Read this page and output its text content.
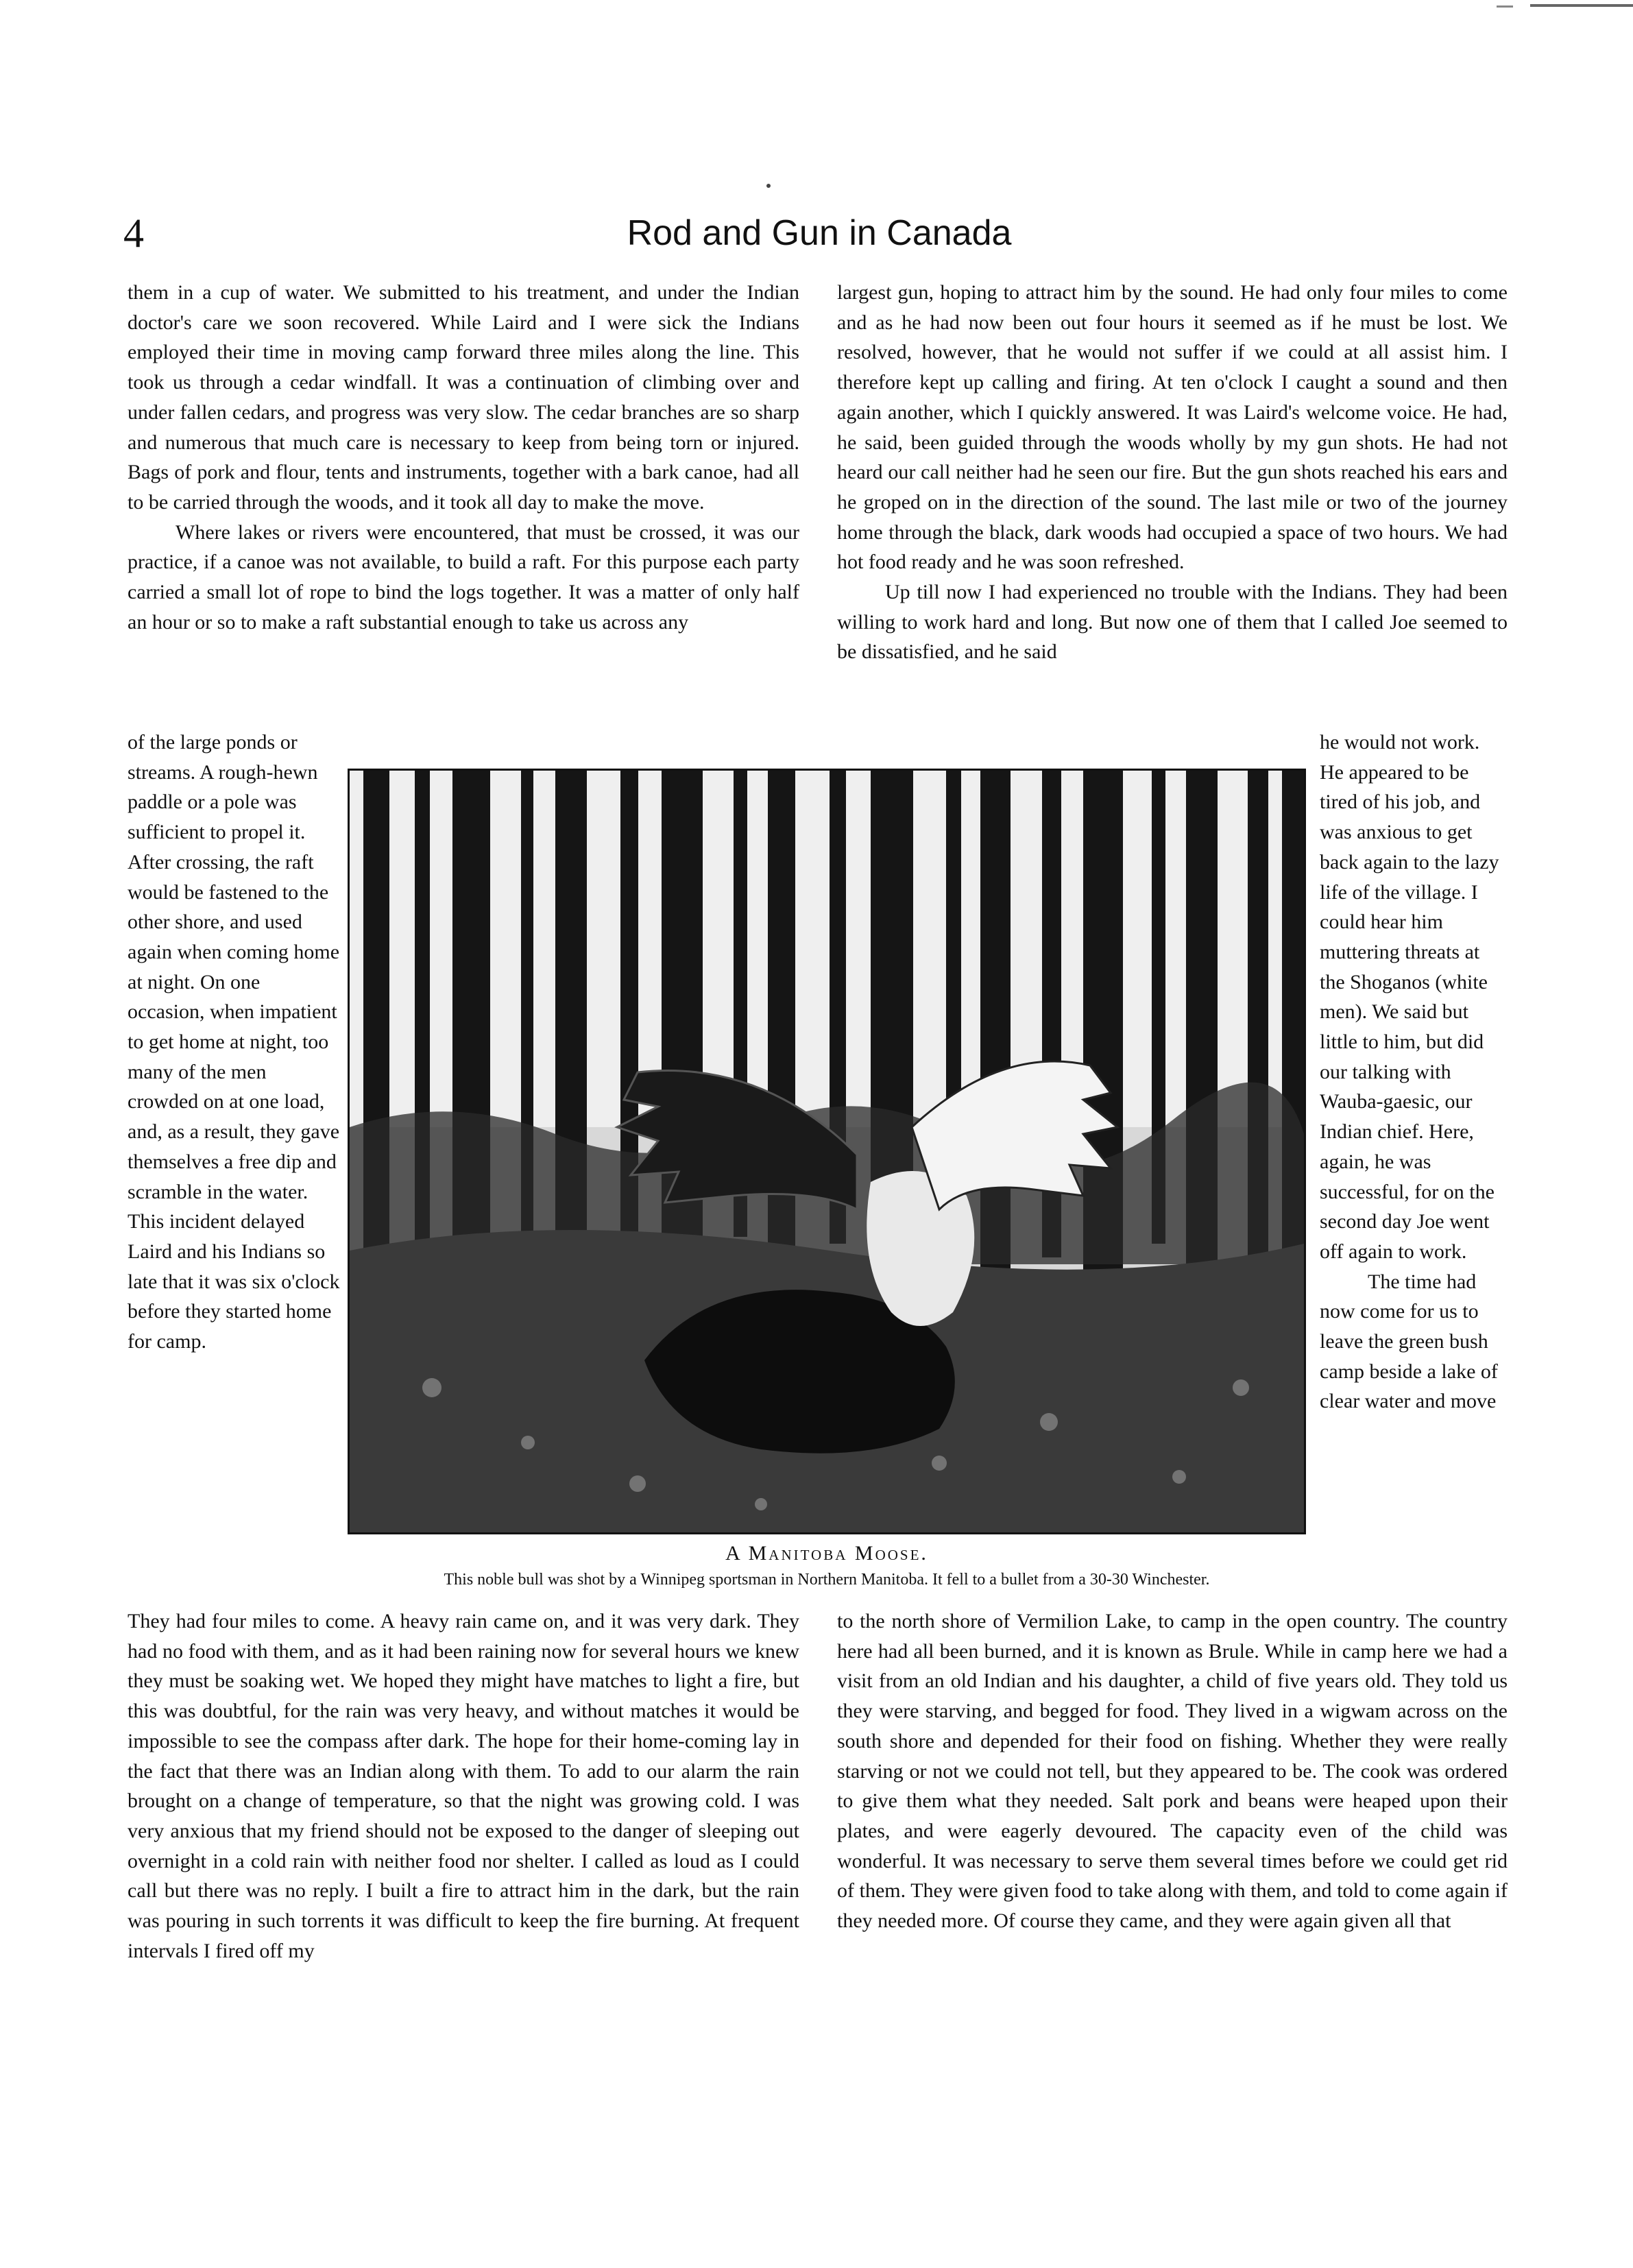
4	Rod and Gun in Canada

them in a cup of water. We submitted to his treatment, and under the Indian doctor's care we soon recovered. While Laird and I were sick the Indians employed their time in moving camp forward three miles along the line. This took us through a cedar windfall. It was a continuation of climbing over and under fallen cedars, and progress was very slow. The cedar branches are so sharp and numerous that much care is necessary to keep from being torn or injured. Bags of pork and flour, tents and instruments, together with a bark canoe, had all to be carried through the woods, and it took all day to make the move.

Where lakes or rivers were encountered, that must be crossed, it was our practice, if a canoe was not available, to build a raft. For this purpose each party carried a small lot of rope to bind the logs together. It was a matter of only half an hour or so to make a raft substantial enough to take us across any

of the large ponds or streams. A rough-hewn paddle or a pole was sufficient to propel it. After crossing, the raft would be fastened to the other shore, and used again when coming home at night. On one occasion, when impatient to get home at night, too many of the men crowded on at one load, and, as a result, they gave themselves a free dip and scramble in the water. This incident delayed Laird and his Indians so late that it was six o'clock before they started home for camp.

They had four miles to come. A heavy rain came on, and it was very dark. They had no food with them, and as it had been raining now for several hours we knew they must be soaking wet. We hoped they might have matches to light a fire, but this was doubtful, for the rain was very heavy, and without matches it would be impossible to see the compass after dark. The hope for their home-coming lay in the fact that there was an Indian along with them. To add to our alarm the rain brought on a change of temperature, so that the night was growing cold. I was very anxious that my friend should not be exposed to the danger of sleeping out overnight in a cold rain with neither food nor shelter. I called as loud as I could call but there was no reply. I built a fire to attract him in the dark, but the rain was pouring in such torrents it was difficult to keep the fire burning. At frequent intervals I fired off my

largest gun, hoping to attract him by the sound. He had only four miles to come and as he had now been out four hours it seemed as if he must be lost. We resolved, however, that he would not suffer if we could at all assist him. I therefore kept up calling and firing. At ten o'clock I caught a sound and then again another, which I quickly answered. It was Laird's welcome voice. He had, he said, been guided through the woods wholly by my gun shots. He had not heard our call neither had he seen our fire. But the gun shots reached his ears and he groped on in the direction of the sound. The last mile or two of the journey home through the black, dark woods had occupied a space of two hours. We had hot food ready and he was soon refreshed.

Up till now I had experienced no trouble with the Indians. They had been willing to work hard and long. But now one of them that I called Joe seemed to be dissatisfied, and he said

he would not work. He appeared to be tired of his job, and was anxious to get back again to the lazy life of the village. I could hear him muttering threats at the Shoganos (white men). We said but little to him, but did our talking with Wauba-gaesic, our Indian chief. Here, again, he was successful, for on the second day Joe went off again to work.

The time had now come for us to leave the green bush camp beside a lake of clear water and move

to the north shore of Vermilion Lake, to camp in the open country. The country here had all been burned, and it is known as Brule. While in camp here we had a visit from an old Indian and his daughter, a child of five years old. They told us they were starving, and begged for food. They lived in a wigwam across on the south shore and depended for their food on fishing. Whether they were really starving or not we could not tell, but they appeared to be. The cook was ordered to give them what they needed. Salt pork and beans were heaped upon their plates, and were eagerly devoured. The capacity even of the child was wonderful. It was necessary to serve them several times before we could get rid of them. They were given food to take along with them, and told to come again if they needed more. Of course they came, and they were again given all that

A Manitoba Moose.
This noble bull was shot by a Winnipeg sportsman in Northern Manitoba. It fell to a bullet from a 30-30 Winchester.
